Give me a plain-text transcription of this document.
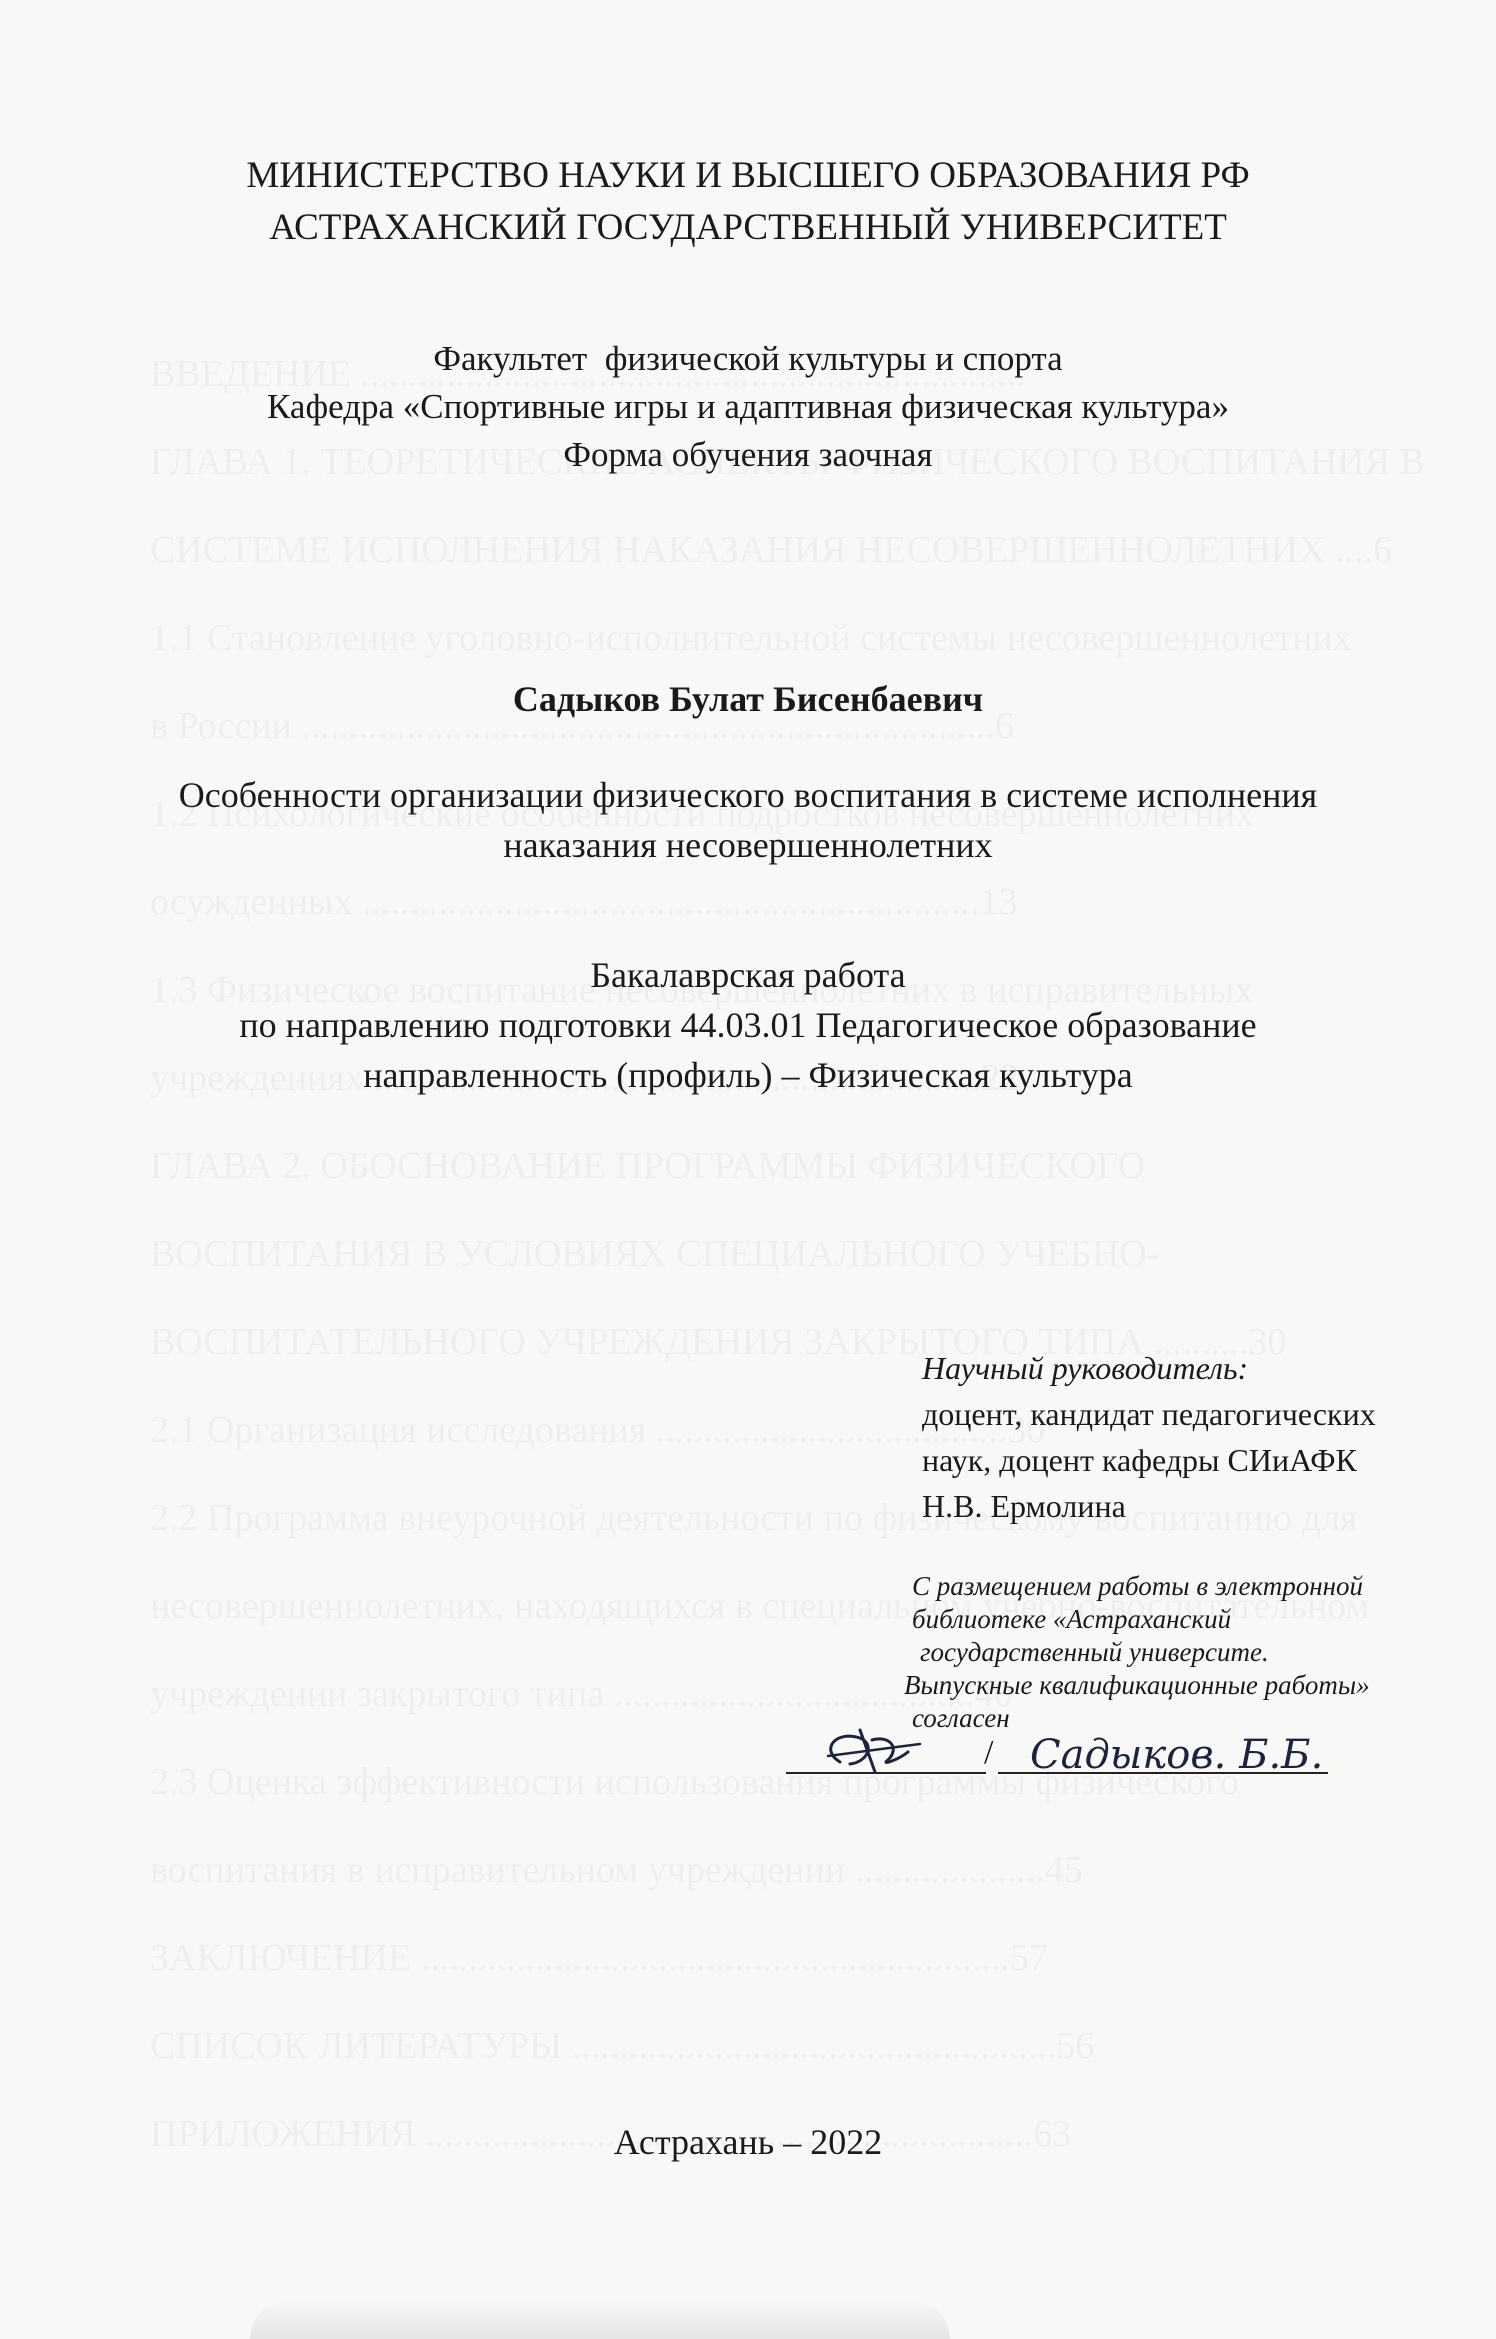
МИНИСТЕРСТВО НАУКИ И ВЫСШЕГО ОБРАЗОВАНИЯ РФ
АСТРАХАНСКИЙ ГОСУДАРСТВЕННЫЙ УНИВЕРСИТЕТ
Факультет  физической культуры и спорта
Кафедра «Спортивные игры и адаптивная физическая культура»
Форма обучения заочная
Садыков Булат Бисенбаевич
Особенности организации физического воспитания в системе исполнения
наказания несовершеннолетних
Бакалаврская работа
по направлению подготовки 44.03.01 Педагогическое образование
направленность (профиль) – Физическая культура
Научный руководитель:
доцент, кандидат педагогических
наук, доцент кафедры СИиАФК
Н.В. Ермолина
С размещением работы в электронной
библиотеке «Астраханский
государственный университе.
Выпускные квалификационные работы»
согласен
/ Садыков. Б.Б.
Астрахань – 2022
